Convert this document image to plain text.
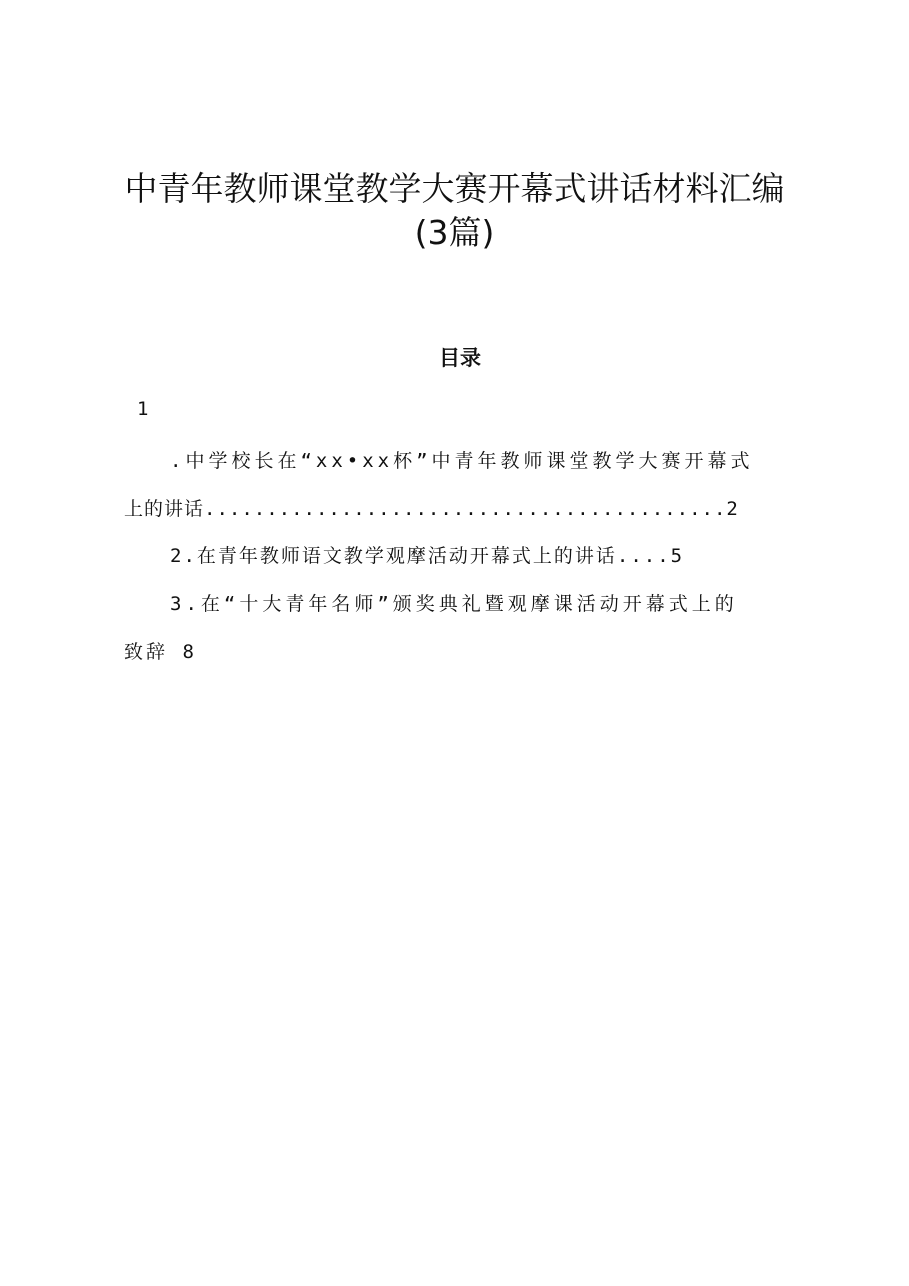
中青年教师课堂教学大赛开幕式讲话材料汇编
(3篇)
目录
1
.中学校长在“xx•xx杯”中青年教师课堂教学大赛开幕式
上的讲话..........................................2
2.在青年教师语文教学观摩活动开幕式上的讲话....5
3.在“十大青年名师”颁奖典礼暨观摩课活动开幕式上的
致辞 8
